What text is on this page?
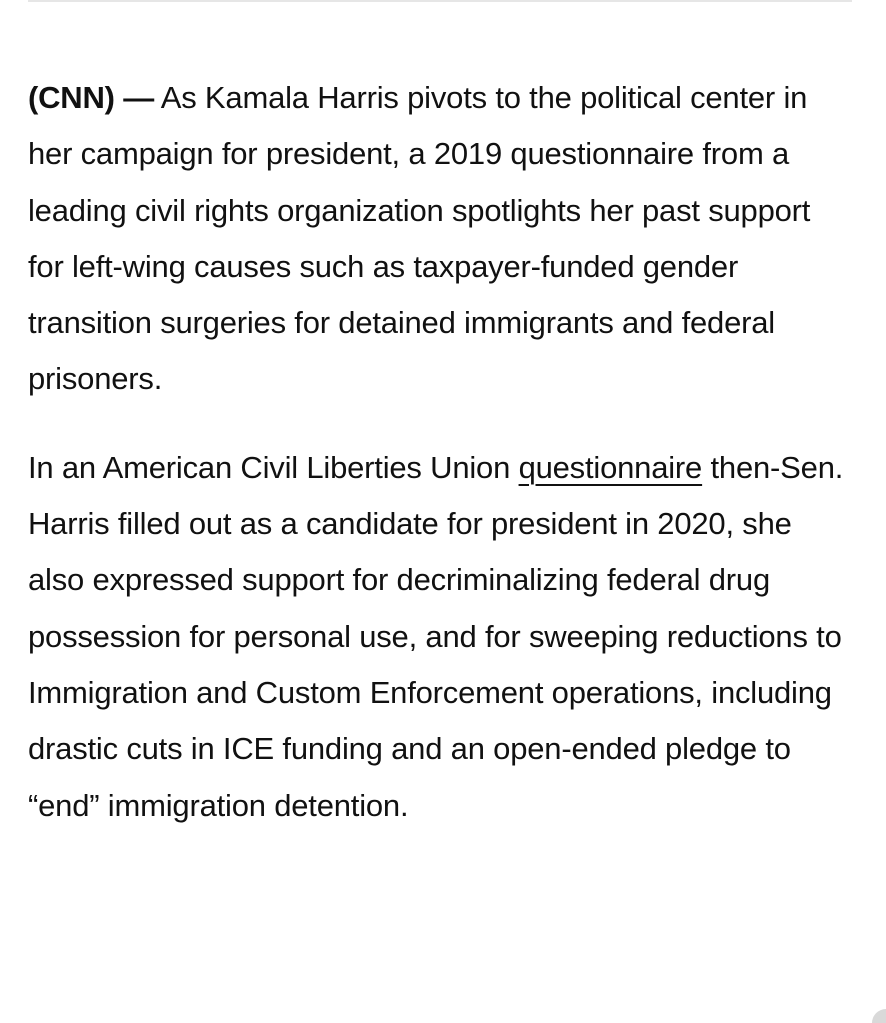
(CNN) — As Kamala Harris pivots to the political center in her campaign for president, a 2019 questionnaire from a leading civil rights organization spotlights her past support for left-wing causes such as taxpayer-funded gender transition surgeries for detained immigrants and federal prisoners.

In an American Civil Liberties Union questionnaire then-Sen. Harris filled out as a candidate for president in 2020, she also expressed support for decriminalizing federal drug possession for personal use, and for sweeping reductions to Immigration and Custom Enforcement operations, including drastic cuts in ICE funding and an open-ended pledge to “end” immigration detention.
